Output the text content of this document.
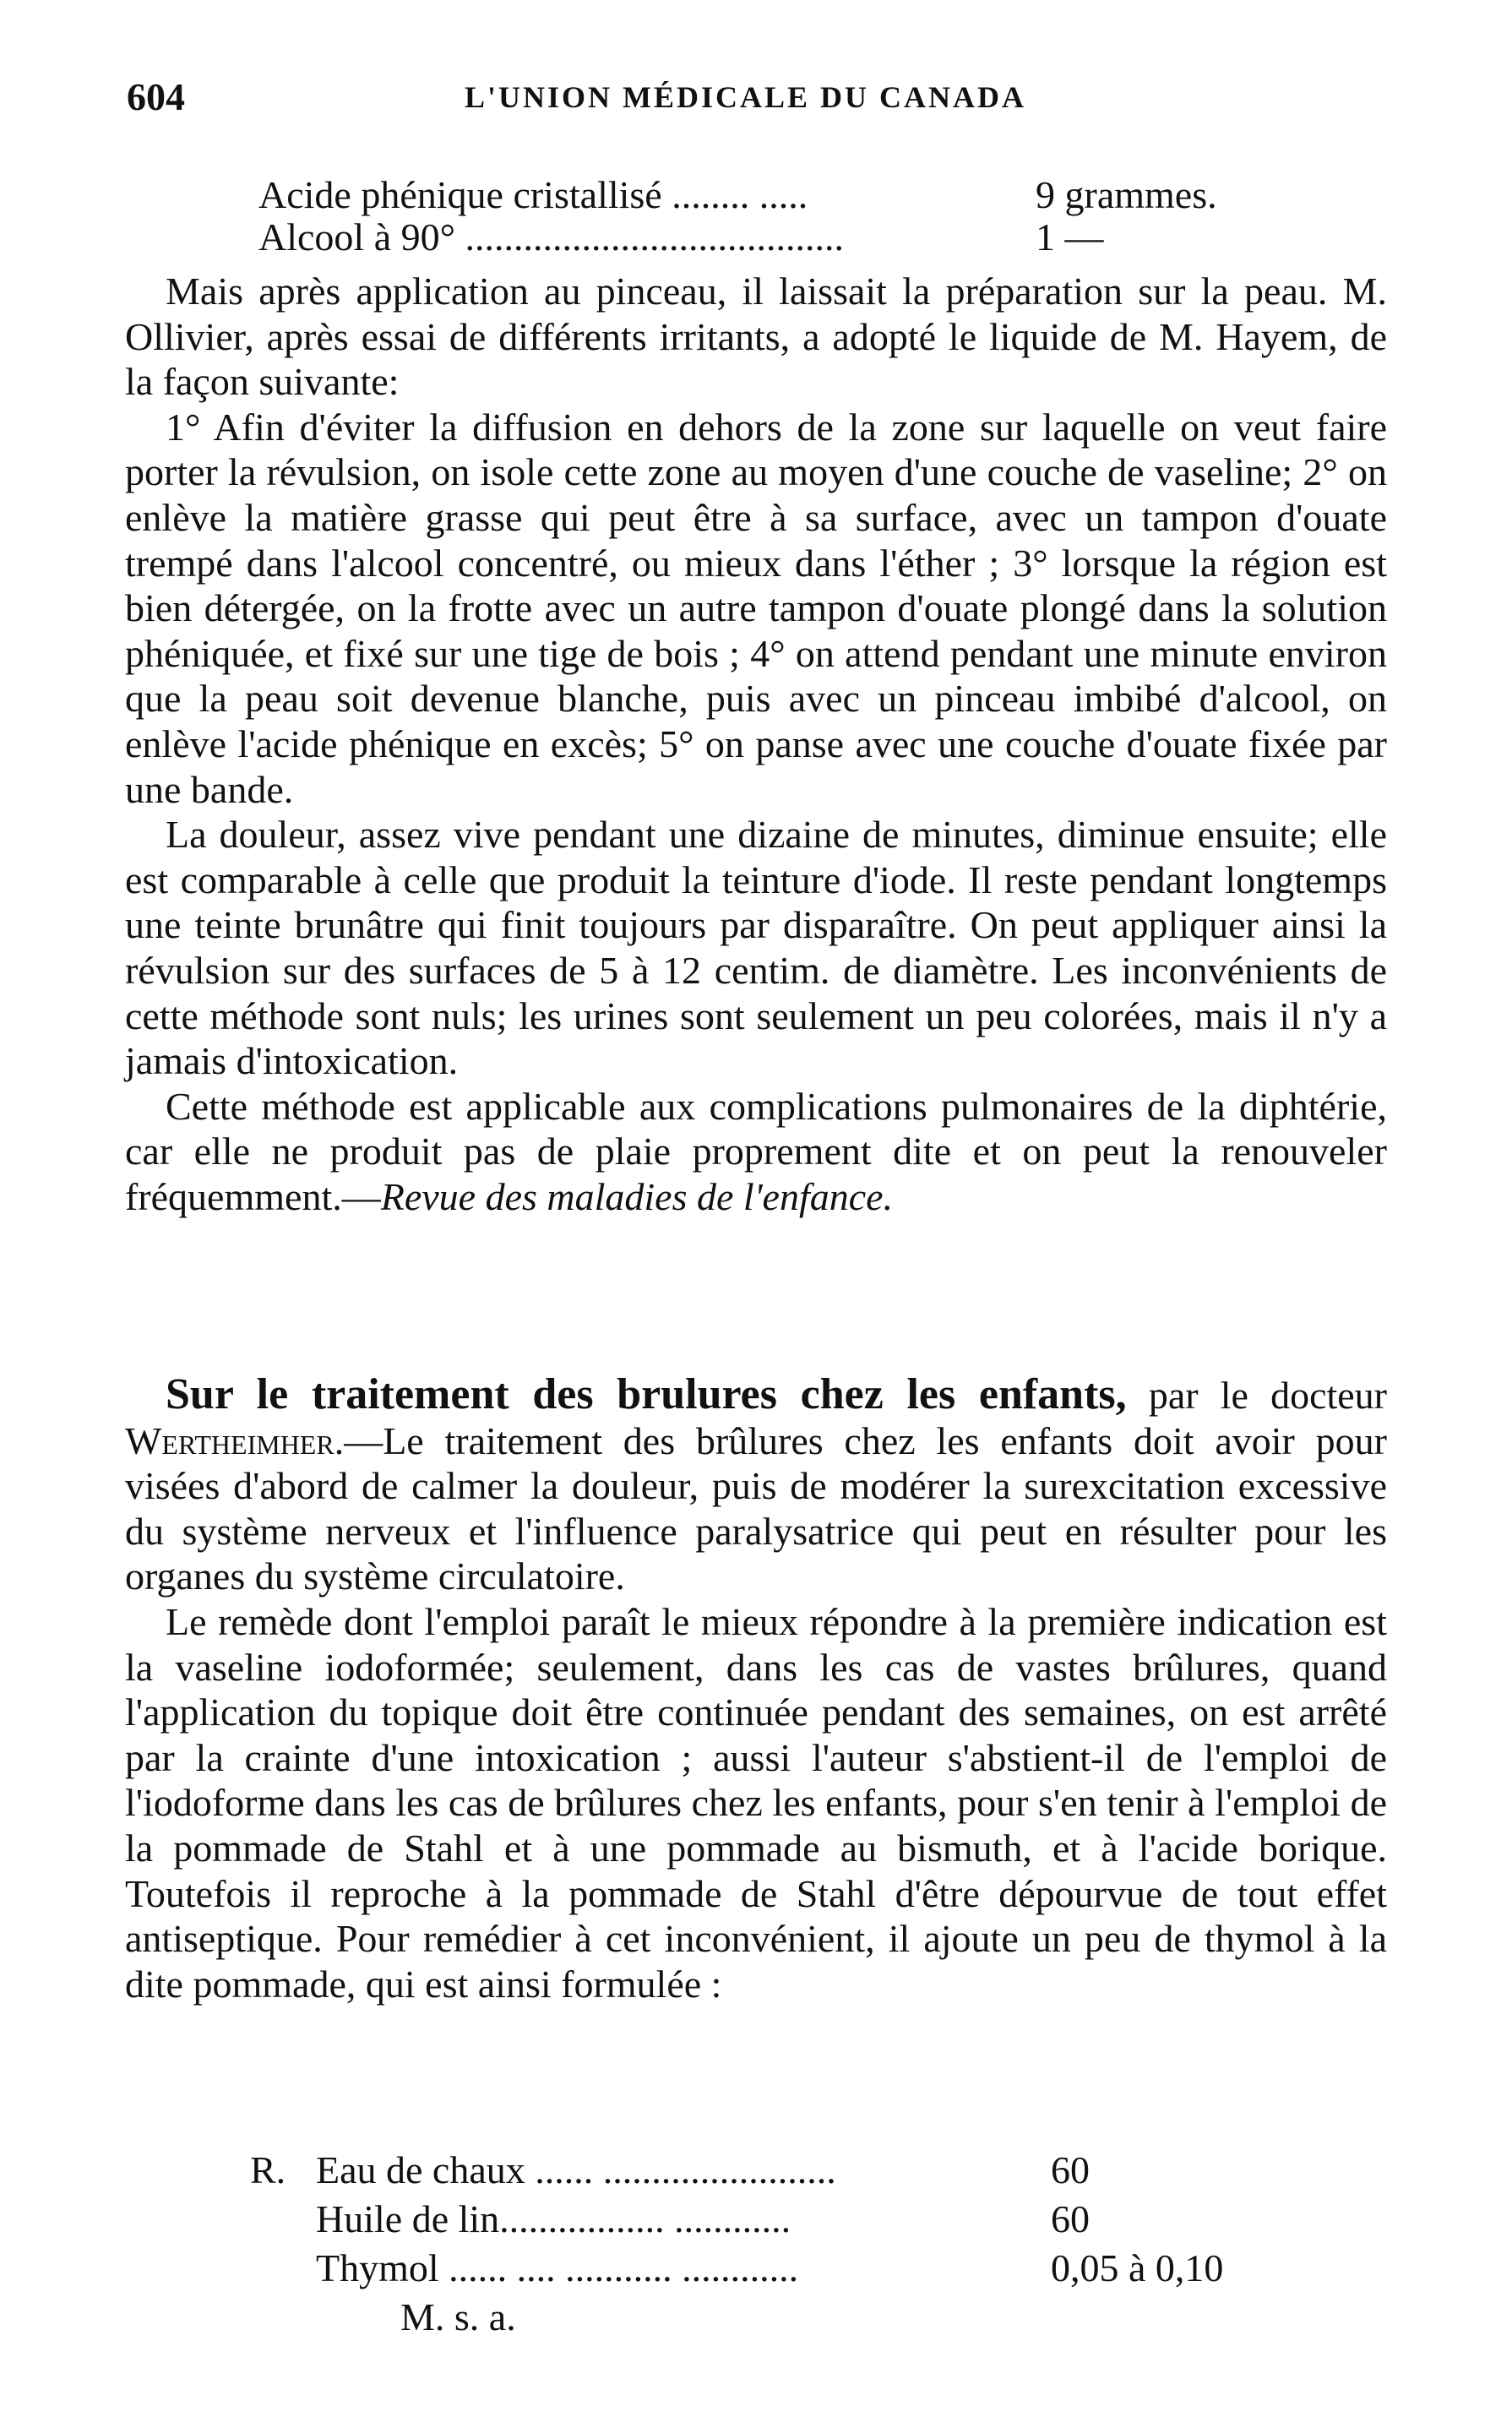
604	L'UNION MÉDICALE DU CANADA
Acide phénique cristallisé ........ .....	9 grammes.
Alcool à 90° .......................................	1 —

Mais après application au pinceau, il laissait la préparation sur la peau. M. Ollivier, après essai de différents irritants, a adopté le liquide de M. Hayem, de la façon suivante:

1° Afin d'éviter la diffusion en dehors de la zone sur laquelle on veut faire porter la révulsion, on isole cette zone au moyen d'une couche de vaseline; 2° on enlève la matière grasse qui peut être à sa surface, avec un tampon d'ouate trempé dans l'alcool concentré, ou mieux dans l'éther ; 3° lorsque la région est bien détergée, on la frotte avec un autre tampon d'ouate plongé dans la solution phéniquée, et fixé sur une tige de bois ; 4° on attend pendant une minute environ que la peau soit devenue blanche, puis avec un pinceau imbibé d'alcool, on enlève l'acide phénique en excès; 5° on panse avec une couche d'ouate fixée par une bande.

La douleur, assez vive pendant une dizaine de minutes, diminue ensuite; elle est comparable à celle que produit la teinture d'iode. Il reste pendant longtemps une teinte brunâtre qui finit toujours par disparaître. On peut appliquer ainsi la révulsion sur des surfaces de 5 à 12 centim. de diamètre. Les inconvénients de cette méthode sont nuls; les urines sont seulement un peu colorées, mais il n'y a jamais d'intoxication.

Cette méthode est applicable aux complications pulmonaires de la diphtérie, car elle ne produit pas de plaie proprement dite et on peut la renouveler fréquemment.—Revue des maladies de l'enfance.

Sur le traitement des brulures chez les enfants, par le docteur Wertheimher.—Le traitement des brûlures chez les enfants doit avoir pour visées d'abord de calmer la douleur, puis de modérer la surexcitation excessive du système nerveux et l'influence paralysatrice qui peut en résulter pour les organes du système circulatoire.

Le remède dont l'emploi paraît le mieux répondre à la première indication est la vaseline iodoformée; seulement, dans les cas de vastes brûlures, quand l'application du topique doit être continuée pendant des semaines, on est arrêté par la crainte d'une intoxication ; aussi l'auteur s'abstient-il de l'emploi de l'iodoforme dans les cas de brûlures chez les enfants, pour s'en tenir à l'emploi de la pommade de Stahl et à une pommade au bismuth, et à l'acide borique. Toutefois il reproche à la pommade de Stahl d'être dépourvue de tout effet antiseptique. Pour remédier à cet inconvénient, il ajoute un peu de thymol à la dite pommade, qui est ainsi formulée :

R. Eau de chaux ...... ........................	60
Huile de lin................. ............	60
Thymol ...... .... ........... ............	0,05 à 0,10
M. s. a.
